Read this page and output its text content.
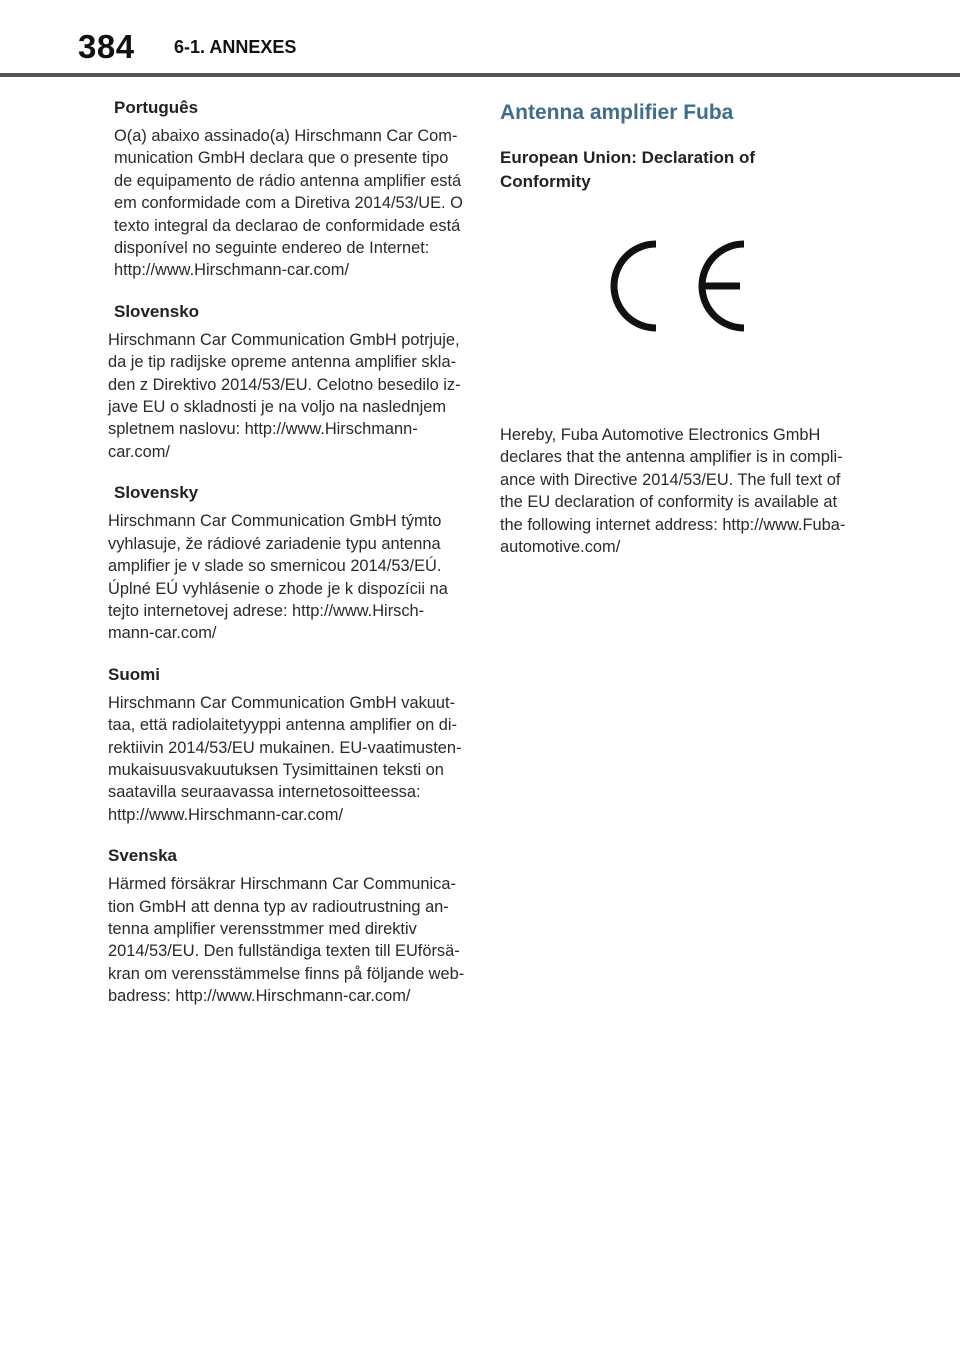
384 6-1. ANNEXES
Português

O(a) abaixo assinado(a) Hirschmann Car Com-munication GmbH declara que o presente tipo de equipamento de rádio antenna amplifier está em conformidade com a Diretiva 2014/53/UE. O texto integral da declarao de conformidade está disponível no seguinte endereo de Internet: http://www.Hirschmann-car.com/

Slovensko

Hirschmann Car Communication GmbH potrjuje, da je tip radijske opreme antenna amplifier skla-den z Direktivo 2014/53/EU. Celotno besedilo iz-jave EU o skladnosti je na voljo na naslednjem spletnem naslovu: http://www.Hirschmann-car.com/

Slovensky

Hirschmann Car Communication GmbH týmto vyhlasuje, že rádiové zariadenie typu antenna amplifier je v slade so smernicou 2014/53/EÚ. Úplné EÚ vyhlásenie o zhode je k dispozícii na tejto internetovej adrese: http://www.Hirsch-mann-car.com/

Suomi

Hirschmann Car Communication GmbH vakuut-taa, että radiolaitetyyppi antenna amplifier on di-rektiivin 2014/53/EU mukainen. EU-vaatimusten-mukaisuusvakuutuksen Tysimittainen teksti on saatavilla seuraavassa internetosoitteessa: http://www.Hirschmann-car.com/

Svenska

Härmed försäkrar Hirschmann Car Communica-tion GmbH att denna typ av radioutrustning an-tenna amplifier verensstmmer med direktiv 2014/53/EU. Den fullständiga texten till EUförsä-kran om verensstämmelse finns på följande web-badress: http://www.Hirschmann-car.com/

Antenna amplifier Fuba
European Union: Declaration of Conformity

Hereby, Fuba Automotive Electronics GmbH declares that the antenna amplifier is in compli-ance with Directive 2014/53/EU. The full text of the EU declaration of conformity is available at the following internet address: http://www.Fuba-automotive.com/
